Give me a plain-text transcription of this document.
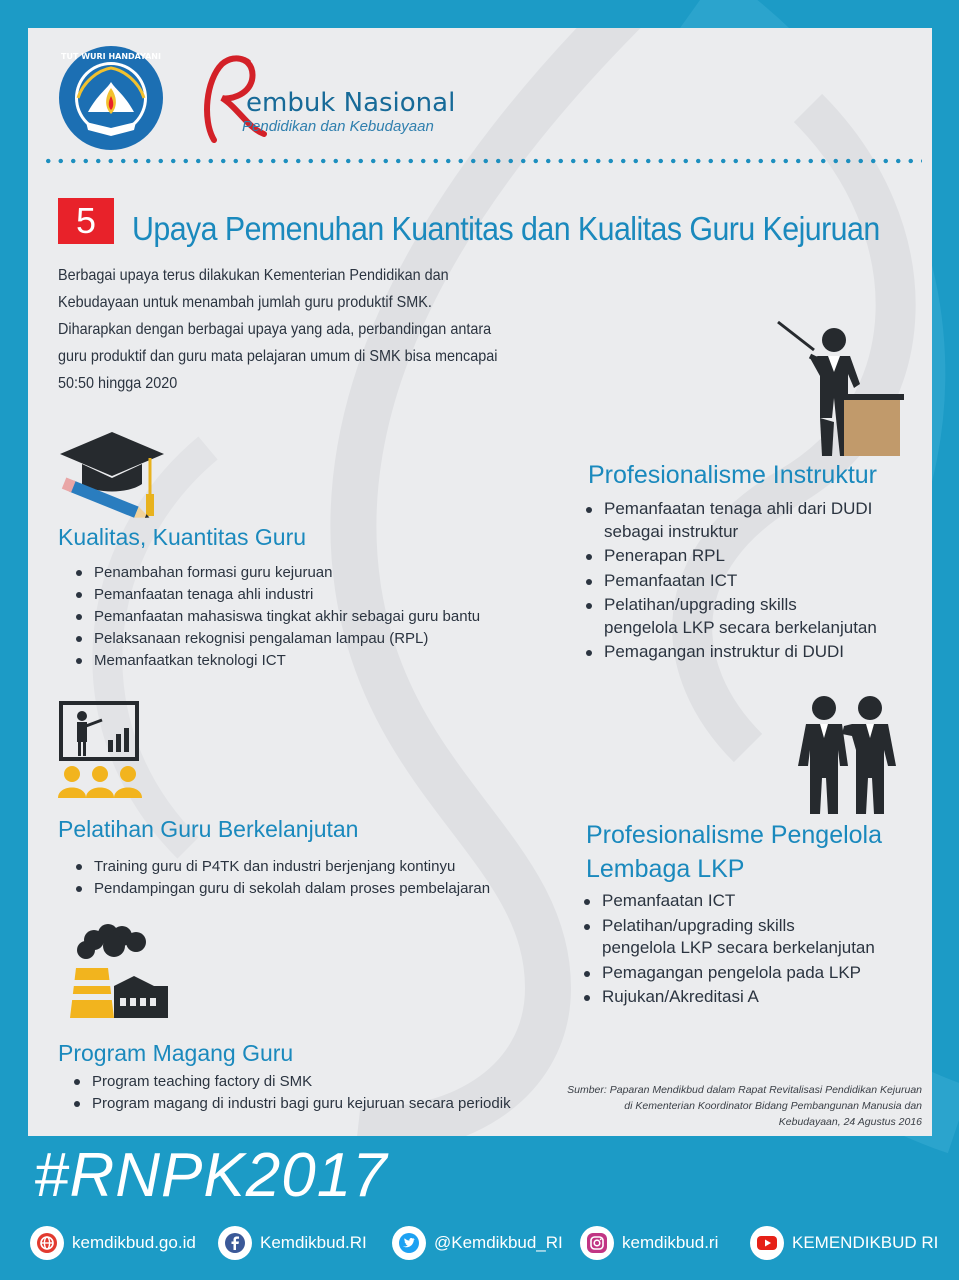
TUT WURI HANDAYANI
embuk Nasional
Pendidikan dan Kebudayaan
5	Upaya Pemenuhan Kuantitas dan Kualitas Guru Kejuruan
Berbagai upaya terus dilakukan Kementerian Pendidikan dan
Kebudayaan untuk menambah jumlah guru produktif SMK.
Diharapkan dengan berbagai upaya yang ada, perbandingan antara
guru produktif dan guru mata pelajaran umum di SMK bisa mencapai
50:50 hingga 2020
Kualitas, Kuantitas Guru
Penambahan formasi guru kejuruan
Pemanfaatan tenaga ahli industri
Pemanfaatan mahasiswa tingkat akhir sebagai guru bantu
Pelaksanaan rekognisi pengalaman lampau (RPL)
Memanfaatkan teknologi ICT
Pelatihan Guru Berkelanjutan
Training guru di P4TK dan industri berjenjang kontinyu
Pendampingan guru di sekolah dalam proses pembelajaran
Program Magang Guru
Program teaching factory di SMK
Program magang di industri bagi guru kejuruan secara periodik
Profesionalisme Instruktur
Pemanfaatan tenaga ahli dari DUDI
sebagai instruktur
Penerapan RPL
Pemanfaatan ICT
Pelatihan/upgrading skills
pengelola LKP secara berkelanjutan
Pemagangan instruktur di DUDI
Profesionalisme Pengelola
Lembaga LKP
Pemanfaatan ICT
Pelatihan/upgrading skills
pengelola LKP secara berkelanjutan
Pemagangan pengelola pada LKP
Rujukan/Akreditasi A
Sumber: Paparan Mendikbud dalam Rapat Revitalisasi Pendidikan Kejuruan
di Kementerian Koordinator Bidang Pembangunan Manusia dan
Kebudayaan, 24 Agustus 2016
#RNPK2017
kemdikbud.go.id	Kemdikbud.RI	@Kemdikbud_RI	kemdikbud.ri	KEMENDIKBUD RI
